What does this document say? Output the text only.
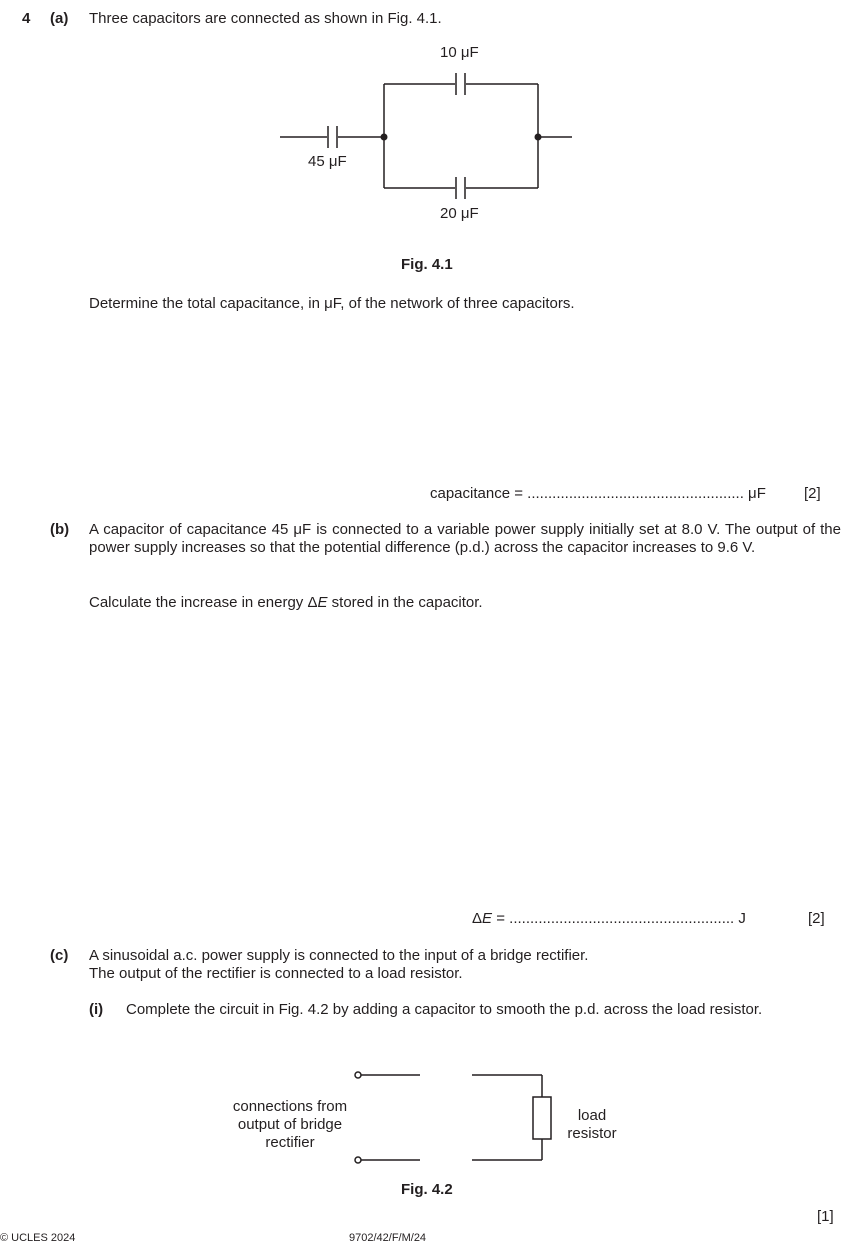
4 (a) Three capacitors are connected as shown in Fig. 4.1.
10 μF
45 μF
20 μF
Fig. 4.1
Determine the total capacitance, in μF, of the network of three capacitors.
capacitance = .................................................... μF	[2]
(b) A capacitor of capacitance 45 μF is connected to a variable power supply initially set at 8.0 V. The output of the power supply increases so that the potential difference (p.d.) across the capacitor increases to 9.6 V.
Calculate the increase in energy ΔE stored in the capacitor.
ΔE = ...................................................... J	[2]
(c) A sinusoidal a.c. power supply is connected to the input of a bridge rectifier.
The output of the rectifier is connected to a load resistor.
(i) Complete the circuit in Fig. 4.2 by adding a capacitor to smooth the p.d. across the load resistor.
connections from
output of bridge
rectifier
load
resistor
Fig. 4.2
[1]
© UCLES 2024	9702/42/F/M/24
